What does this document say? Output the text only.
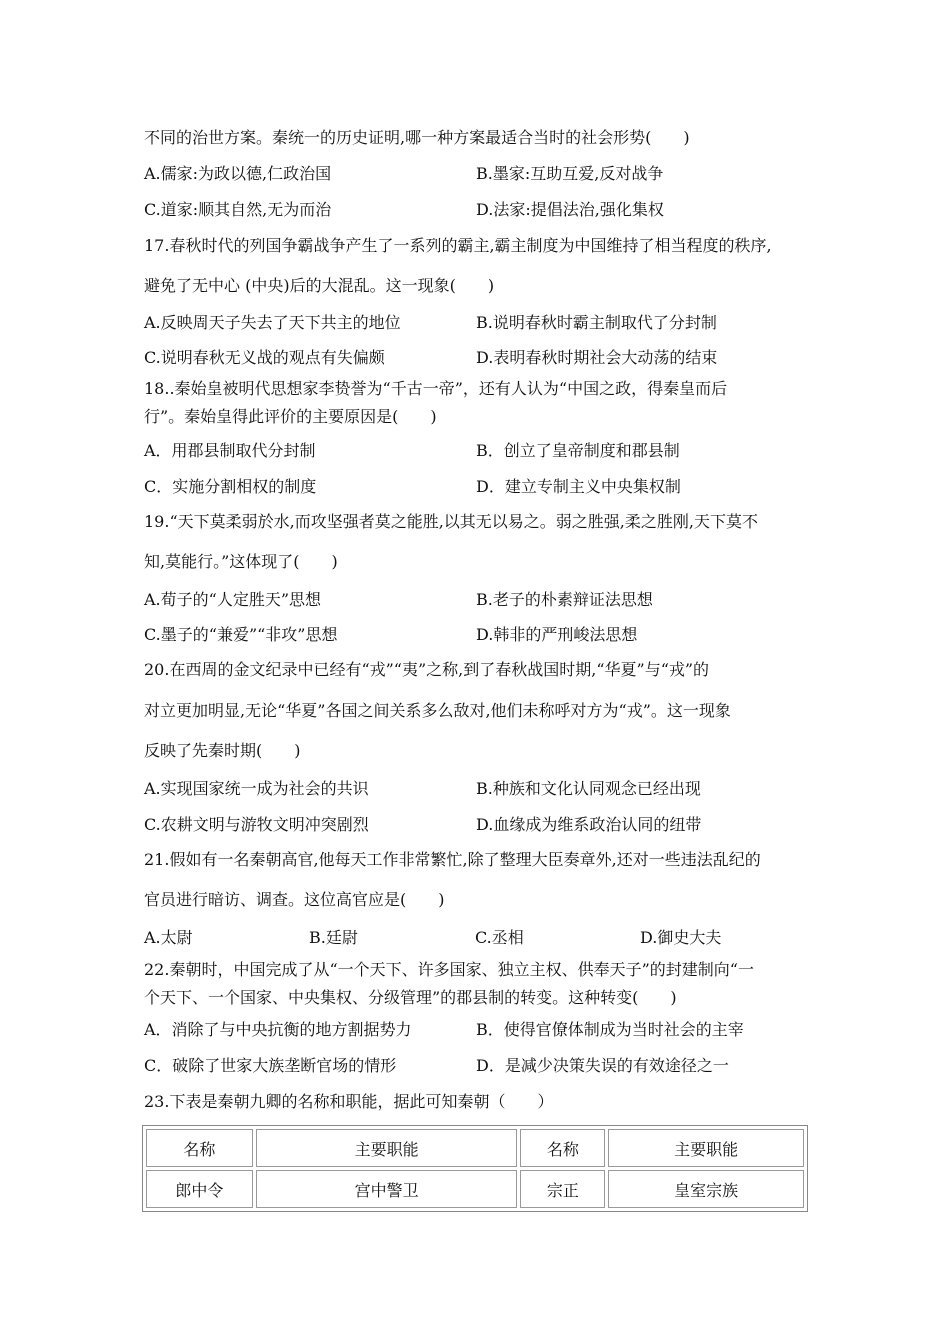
不同的治世方案。秦统一的历史证明,哪一种方案最适合当时的社会形势(　　)
A.儒家:为政以德,仁政治国	B.墨家:互助互爱,反对战争
C.道家:顺其自然,无为而治	D.法家:提倡法治,强化集权
17.春秋时代的列国争霸战争产生了一系列的霸主,霸主制度为中国维持了相当程度的秩序,
避免了无中心 (中央)后的大混乱。这一现象(　　)
A.反映周天子失去了天下共主的地位	B.说明春秋时霸主制取代了分封制
C.说明春秋无义战的观点有失偏颇	D.表明春秋时期社会大动荡的结束
18..秦始皇被明代思想家李贽誉为“千古一帝”，还有人认为“中国之政，得秦皇而后
行”。秦始皇得此评价的主要原因是(　　)
A．用郡县制取代分封制	B．创立了皇帝制度和郡县制
C．实施分割相权的制度	D．建立专制主义中央集权制
19.“天下莫柔弱於水,而攻坚强者莫之能胜,以其无以易之。弱之胜强,柔之胜刚,天下莫不
知,莫能行。”这体现了(　　)
A.荀子的“人定胜天”思想	B.老子的朴素辩证法思想
C.墨子的“兼爱”“非攻”思想	D.韩非的严刑峻法思想
20.在西周的金文纪录中已经有“戎”“夷”之称,到了春秋战国时期,“华夏”与“戎”的
对立更加明显,无论“华夏”各国之间关系多么敌对,他们未称呼对方为“戎”。这一现象
反映了先秦时期(　　)
A.实现国家统一成为社会的共识	B.种族和文化认同观念已经出现
C.农耕文明与游牧文明冲突剧烈	D.血缘成为维系政治认同的纽带
21.假如有一名秦朝高官,他每天工作非常繁忙,除了整理大臣奏章外,还对一些违法乱纪的
官员进行暗访、调查。这位高官应是(　　)
A.太尉	B.廷尉	C.丞相	D.御史大夫
22.秦朝时，中国完成了从“一个天下、许多国家、独立主权、供奉天子”的封建制向“一
个天下、一个国家、中央集权、分级管理”的郡县制的转变。这种转变(　　)
A．消除了与中央抗衡的地方割据势力	B．使得官僚体制成为当时社会的主宰
C．破除了世家大族垄断官场的情形	D．是减少决策失误的有效途径之一
23.下表是秦朝九卿的名称和职能，据此可知秦朝（　　）
名称	主要职能	名称	主要职能
郎中令	宫中警卫	宗正	皇室宗族
